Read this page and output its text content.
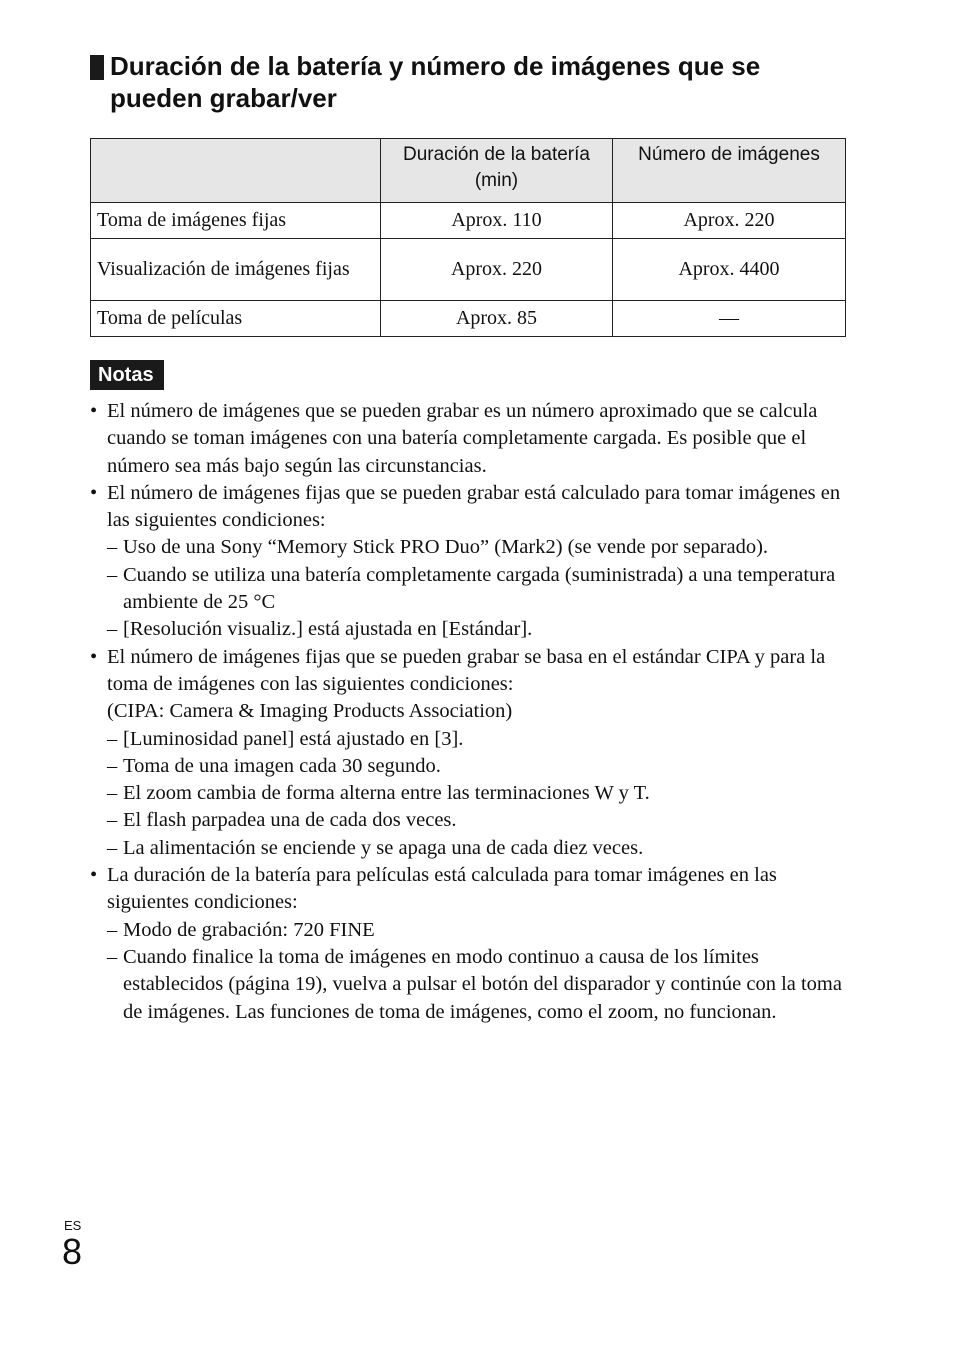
Duración de la batería y número de imágenes que se pueden grabar/ver
	Duración de la batería (min)	Número de imágenes
Toma de imágenes fijas	Aprox. 110	Aprox. 220
Visualización de imágenes fijas	Aprox. 220	Aprox. 4400
Toma de películas	Aprox. 85	—
Notas
• El número de imágenes que se pueden grabar es un número aproximado que se calcula cuando se toman imágenes con una batería completamente cargada. Es posible que el número sea más bajo según las circunstancias.
• El número de imágenes fijas que se pueden grabar está calculado para tomar imágenes en las siguientes condiciones:
– Uso de una Sony “Memory Stick PRO Duo” (Mark2) (se vende por separado).
– Cuando se utiliza una batería completamente cargada (suministrada) a una temperatura ambiente de 25 °C
– [Resolución visualiz.] está ajustada en [Estándar].
• El número de imágenes fijas que se pueden grabar se basa en el estándar CIPA y para la toma de imágenes con las siguientes condiciones:
(CIPA: Camera & Imaging Products Association)
– [Luminosidad panel] está ajustado en [3].
– Toma de una imagen cada 30 segundo.
– El zoom cambia de forma alterna entre las terminaciones W y T.
– El flash parpadea una de cada dos veces.
– La alimentación se enciende y se apaga una de cada diez veces.
• La duración de la batería para películas está calculada para tomar imágenes en las siguientes condiciones:
– Modo de grabación: 720 FINE
– Cuando finalice la toma de imágenes en modo continuo a causa de los límites establecidos (página 19), vuelva a pulsar el botón del disparador y continúe con la toma de imágenes. Las funciones de toma de imágenes, como el zoom, no funcionan.
ES
8
